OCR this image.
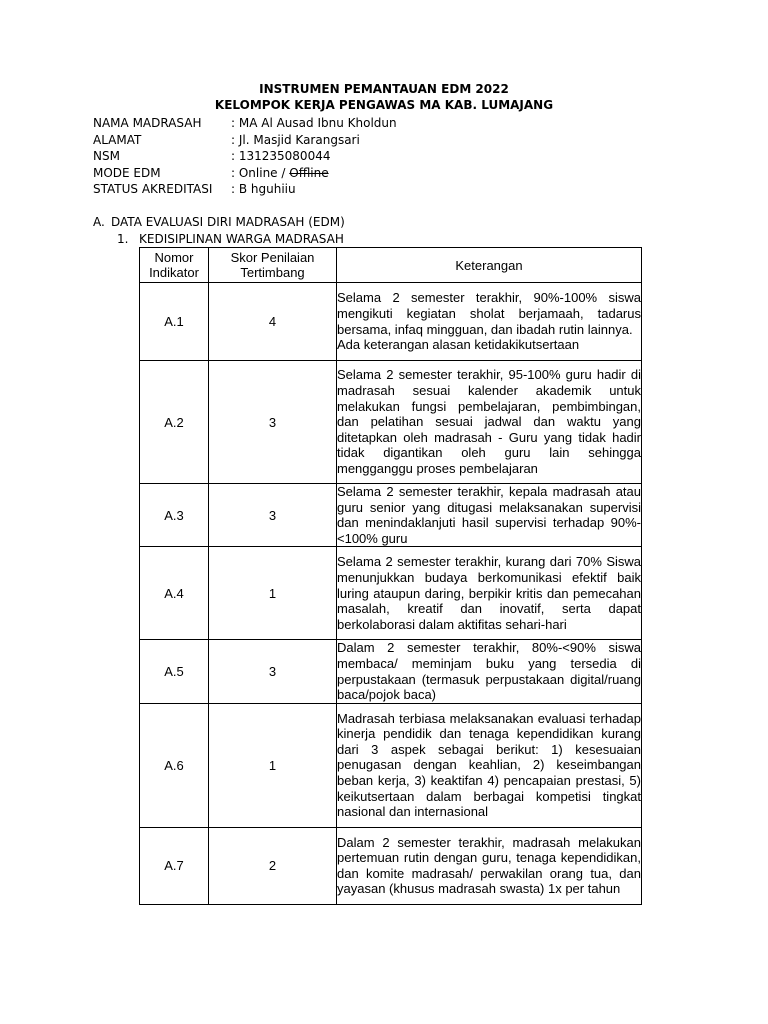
INSTRUMEN PEMANTAUAN EDM 2022
KELOMPOK KERJA PENGAWAS MA KAB. LUMAJANG
NAMA MADRASAH : MA Al Ausad Ibnu Kholdun
ALAMAT	: Jl. Masjid Karangsari
NSM	: 131235080044
MODE EDM	: Online / Offline
STATUS AKREDITASI : B hguhiiu
A. DATA EVALUASI DIRI MADRASAH (EDM)
1. KEDISIPLINAN WARGA MADRASAH
Nomor Indikator	Skor Penilaian Tertimbang	Keterangan
A.1	4	Selama 2 semester terakhir, 90%-100% siswa mengikuti kegiatan sholat berjamaah, tadarus bersama, infaq mingguan, dan ibadah rutin lainnya.
Ada keterangan alasan ketidakikutsertaan

A.2	3	Selama 2 semester terakhir, 95-100% guru hadir di madrasah sesuai kalender akademik untuk melakukan fungsi pembelajaran, pembimbingan, dan pelatihan sesuai jadwal dan waktu yang ditetapkan oleh madrasah - Guru yang tidak hadir tidak digantikan oleh guru lain sehingga mengganggu proses pembelajaran
A.3	3	Selama 2 semester terakhir, kepala madrasah atau guru senior yang ditugasi melaksanakan supervisi dan menindaklanjuti hasil supervisi terhadap 90%-<100% guru
A.4	1	Selama 2 semester terakhir, kurang dari 70% Siswa menunjukkan budaya berkomunikasi efektif baik luring ataupun daring, berpikir kritis dan pemecahan masalah, kreatif dan inovatif, serta dapat berkolaborasi dalam aktifitas sehari-hari
A.5	3	Dalam 2 semester terakhir, 80%-<90% siswa membaca/ meminjam buku yang tersedia di perpustakaan (termasuk perpustakaan digital/ruang baca/pojok baca)
A.6	1	Madrasah terbiasa melaksanakan evaluasi terhadap kinerja pendidik dan tenaga kependidikan kurang dari 3 aspek sebagai berikut: 1) kesesuaian penugasan dengan keahlian, 2) keseimbangan beban kerja, 3) keaktifan 4) pencapaian prestasi, 5) keikutsertaan dalam berbagai kompetisi tingkat nasional dan internasional
A.7	2	Dalam 2 semester terakhir, madrasah melakukan pertemuan rutin dengan guru, tenaga kependidikan, dan komite madrasah/ perwakilan orang tua, dan yayasan (khusus madrasah swasta) 1x per tahun
